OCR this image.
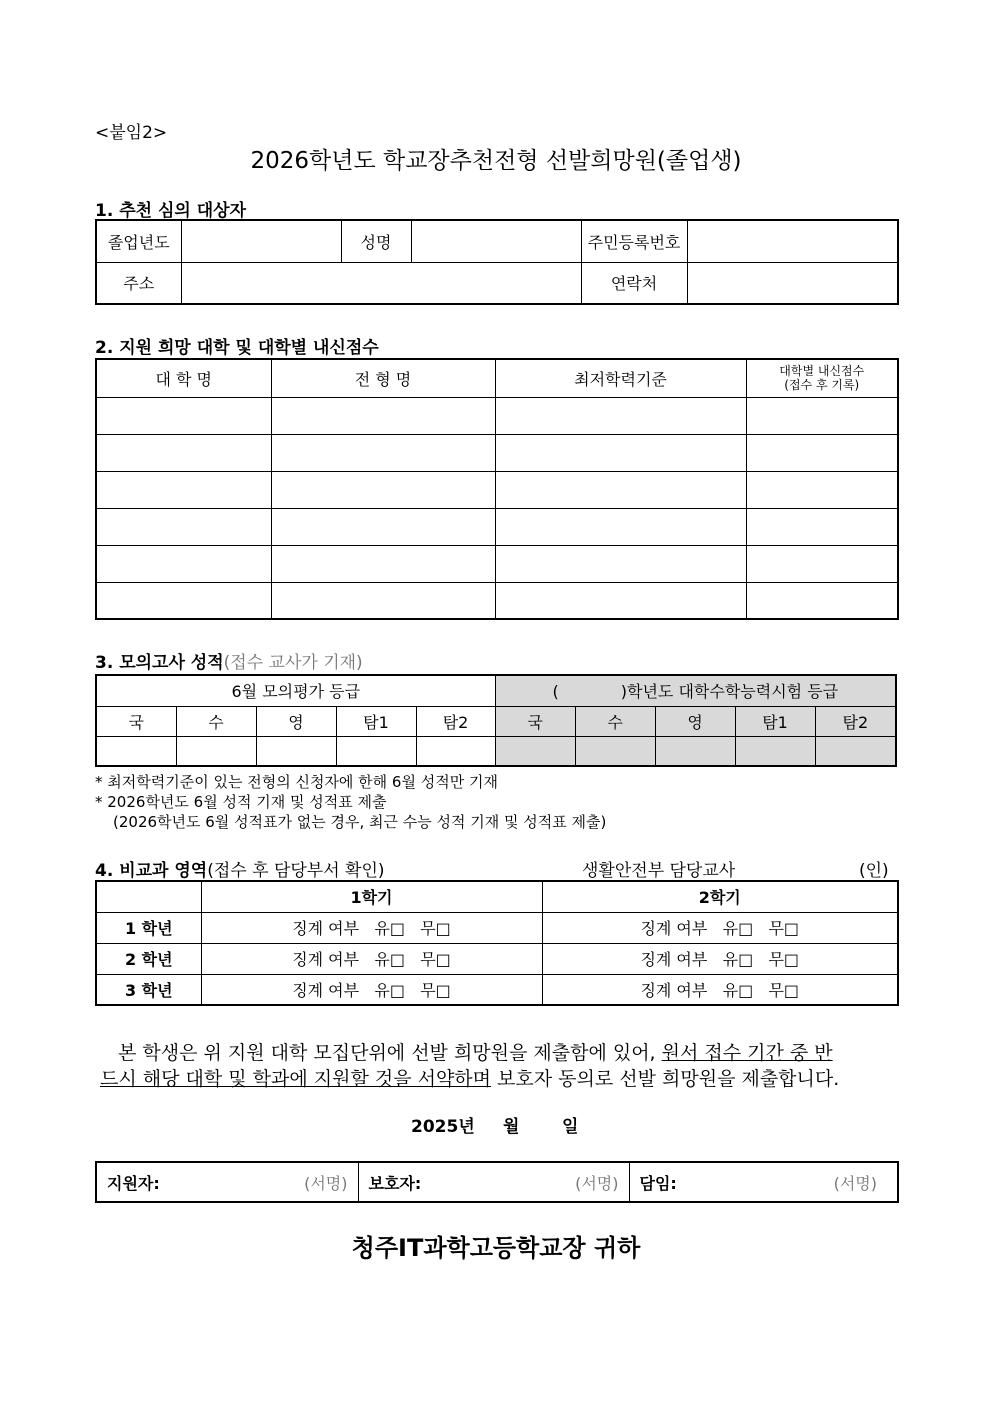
<붙임2>
2026학년도 학교장추천전형 선발희망원(졸업생)
1. 추천 심의 대상자
졸업년도		성명		주민등록번호	
주소				연락처	
2. 지원 희망 대학 및 대학별 내신점수
대 학 명	전 형 명	최저학력기준	대학별 내신점수
(접수 후 기록)

3. 모의고사 성적(접수 교사가 기재)
6월 모의평가 등급					( )학년도 대학수학능력시험 등급				
국	수	영	탐1	탐2	국	수	영	탐1	탐2

* 최저학력기준이 있는 전형의 신청자에 한해 6월 성적만 기재
* 2026학년도 6월 성적 기재 및 성적표 제출
(2026학년도 6월 성적표가 없는 경우, 최근 수능 성적 기재 및 성적표 제출)
4. 비교과 영역(접수 후 담당부서 확인)	생활안전부 담당교사	(인)
	1학기	2학기
1 학년	징계 여부 유□ 무□	징계 여부 유□ 무□
2 학년	징계 여부 유□ 무□	징계 여부 유□ 무□
3 학년	징계 여부 유□ 무□	징계 여부 유□ 무□
본 학생은 위 지원 대학 모집단위에 선발 희망원을 제출함에 있어, 원서 접수 기간 중 반
드시 해당 대학 및 학과에 지원할 것을 서약하며 보호자 동의로 선발 희망원을 제출합니다.
2025년 월	일
지원자:	(서명)	보호자:	(서명)	담임:	(서명)
청주IT과학고등학교장 귀하
